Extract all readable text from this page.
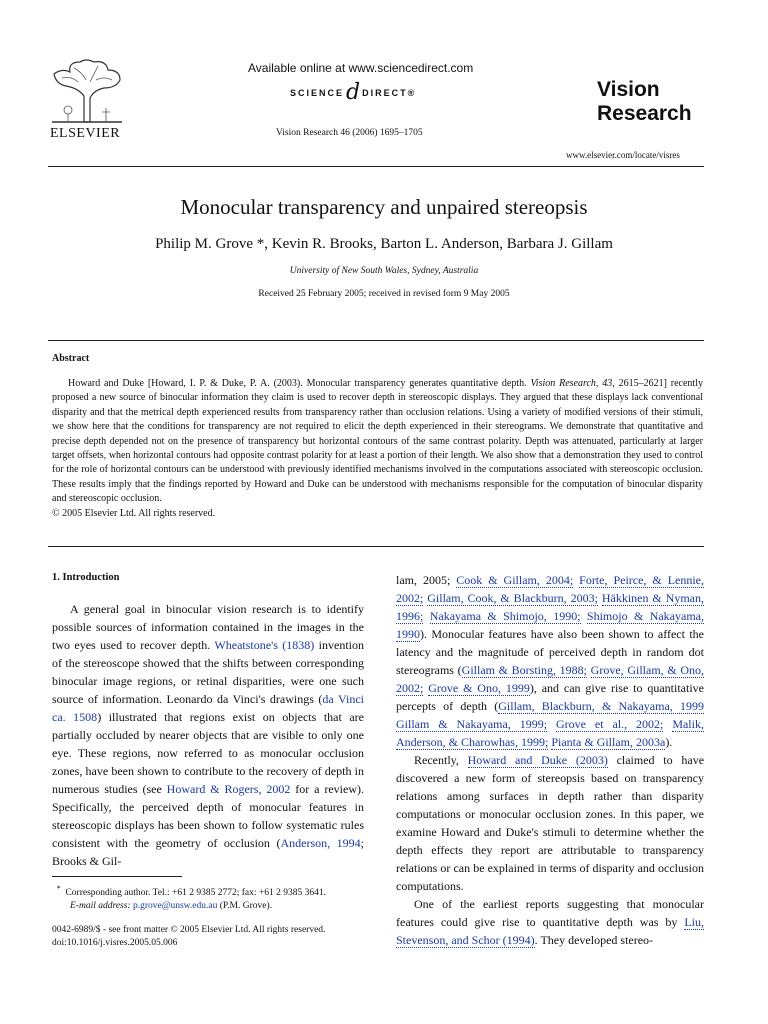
ELSEVIER
Available online at www.sciencedirect.com
SCIENCEd DIRECT®
Vision Research 46 (2006) 1695–1705
Vision
Research
www.elsevier.com/locate/visres
Monocular transparency and unpaired stereopsis
Philip M. Grove *, Kevin R. Brooks, Barton L. Anderson, Barbara J. Gillam
University of New South Wales, Sydney, Australia
Received 25 February 2005; received in revised form 9 May 2005
Abstract
Howard and Duke [Howard, I. P. & Duke, P. A. (2003). Monocular transparency generates quantitative depth. Vision Research, 43, 2615–2621] recently proposed a new source of binocular information they claim is used to recover depth in stereoscopic displays. They argued that these displays lack conventional disparity and that the metrical depth experienced results from transparency rather than occlusion relations. Using a variety of modified versions of their stimuli, we show here that the conditions for transparency are not required to elicit the depth experienced in their stereograms. We demonstrate that quantitative and precise depth depended not on the presence of transparency but horizontal contours of the same contrast polarity. Depth was attenuated, particularly at larger target offsets, when horizontal contours had opposite contrast polarity for at least a portion of their length. We also show that a demonstration they used to control for the role of horizontal contours can be understood with previously identified mechanisms involved in the computations associated with stereoscopic occlusion. These results imply that the findings reported by Howard and Duke can be understood with mechanisms responsible for the computation of binocular disparity and stereoscopic occlusion.
© 2005 Elsevier Ltd. All rights reserved.
1. Introduction

A general goal in binocular vision research is to identify possible sources of information contained in the images in the two eyes used to recover depth. Wheatstone's (1838) invention of the stereoscope showed that the shifts between corresponding binocular image regions, or retinal disparities, were one such source of information. Leonardo da Vinci's drawings (da Vinci ca. 1508) illustrated that regions exist on objects that are partially occluded by nearer objects that are visible to only one eye. These regions, now referred to as monocular occlusion zones, have been shown to contribute to the recovery of depth in numerous studies (see Howard & Rogers, 2002 for a review). Specifically, the perceived depth of monocular features in stereoscopic displays has been shown to follow systematic rules consistent with the geometry of occlusion (Anderson, 1994; Brooks & Gil-

lam, 2005; Cook & Gillam, 2004; Forte, Peirce, & Lennie, 2002; Gillam, Cook, & Blackburn, 2003; Häkkinen & Nyman, 1996; Nakayama & Shimojo, 1990; Shimojo & Nakayama, 1990). Monocular features have also been shown to affect the latency and the magnitude of perceived depth in random dot stereograms (Gillam & Borsting, 1988; Grove, Gillam, & Ono, 2002; Grove & Ono, 1999), and can give rise to quantitative percepts of depth (Gillam, Blackburn, & Nakayama, 1999 Gillam & Nakayama, 1999; Grove et al., 2002; Malik, Anderson, & Charowhas, 1999; Pianta & Gillam, 2003a).

Recently, Howard and Duke (2003) claimed to have discovered a new form of stereopsis based on transparency relations among surfaces in depth rather than disparity computations or monocular occlusion zones. In this paper, we examine Howard and Duke's stimuli to determine whether the depth effects they report are attributable to transparency relations or can be explained in terms of disparity and occlusion computations.

One of the earliest reports suggesting that monocular features could give rise to quantitative depth was by Liu, Stevenson, and Schor (1994). They developed stereo-

* Corresponding author. Tel.: +61 2 9385 2772; fax: +61 2 9385 3641.
E-mail address: p.grove@unsw.edu.au (P.M. Grove).
0042-6989/$ - see front matter © 2005 Elsevier Ltd. All rights reserved.
doi:10.1016/j.visres.2005.05.006
